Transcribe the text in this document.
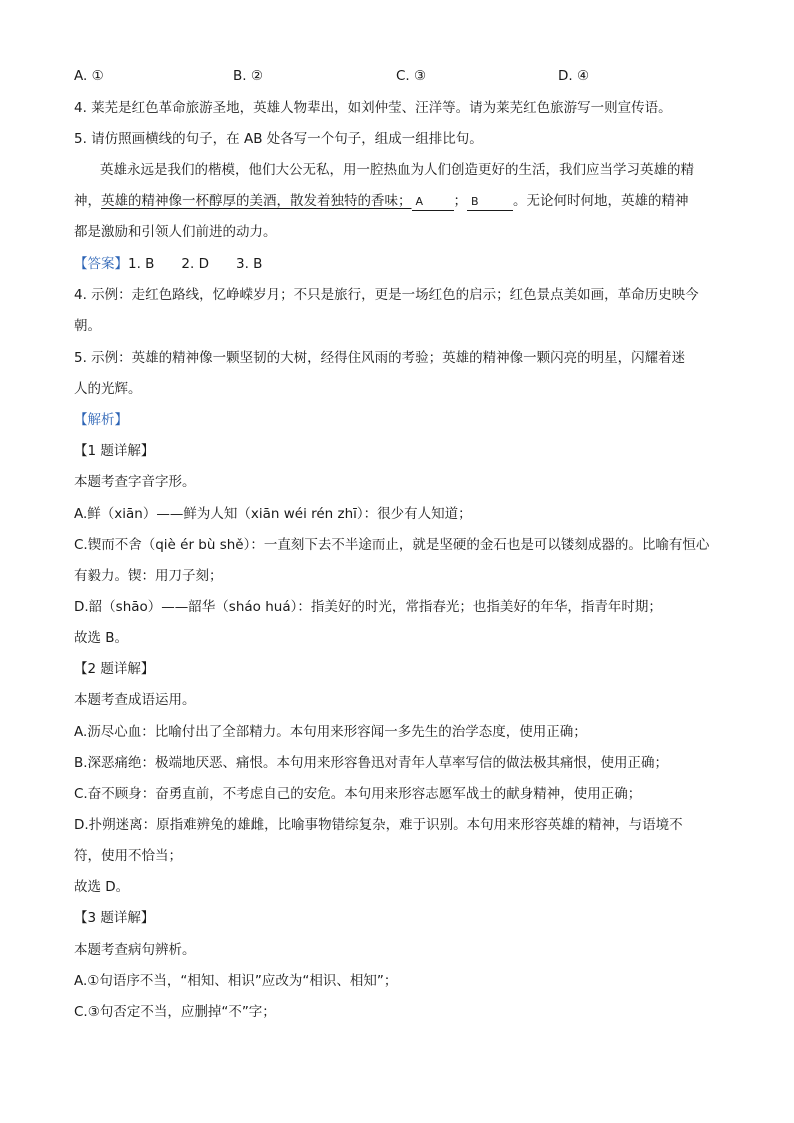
A. ①	B. ②	C. ③	D. ④
4. 莱芜是红色革命旅游圣地，英雄人物辈出，如刘仲莹、汪洋等。请为莱芜红色旅游写一则宣传语。
5. 请仿照画横线的句子，在 AB 处各写一个句子，组成一组排比句。
英雄永远是我们的楷模，他们大公无私，用一腔热血为人们创造更好的生活，我们应当学习英雄的精
神，英雄的精神像一杯醇厚的美酒，散发着独特的香味； A ； B	。无论何时何地，英雄的精神
都是激励和引领人们前进的动力。
【答案】1. B　　2. D　　3. B
4. 示例：走红色路线，忆峥嵘岁月；不只是旅行，更是一场红色的启示；红色景点美如画，革命历史映今
朝。
5. 示例：英雄的精神像一颗坚韧的大树，经得住风雨的考验；英雄的精神像一颗闪亮的明星，闪耀着迷
人的光辉。
【解析】
【1 题详解】
本题考查字音字形。
A.鲜（xiān）——鲜为人知（xiān wéi rén zhī）：很少有人知道；
C.锲而不舍（qiè ér bù shě）：一直刻下去不半途而止，就是坚硬的金石也是可以镂刻成器的。比喻有恒心
有毅力。锲：用刀子刻；
D.韶（shāo）——韶华（sháo huá）：指美好的时光，常指春光；也指美好的年华，指青年时期；
故选 B。
【2 题详解】
本题考查成语运用。
A.沥尽心血：比喻付出了全部精力。本句用来形容闻一多先生的治学态度，使用正确；
B.深恶痛绝：极端地厌恶、痛恨。本句用来形容鲁迅对青年人草率写信的做法极其痛恨，使用正确；
C.奋不顾身：奋勇直前，不考虑自己的安危。本句用来形容志愿军战士的献身精神，使用正确；
D.扑朔迷离：原指难辨兔的雄雌，比喻事物错综复杂，难于识别。本句用来形容英雄的精神，与语境不
符，使用不恰当；
故选 D。
【3 题详解】
本题考查病句辨析。
A.①句语序不当，“相知、相识”应改为“相识、相知”；
C.③句否定不当，应删掉“不”字；
